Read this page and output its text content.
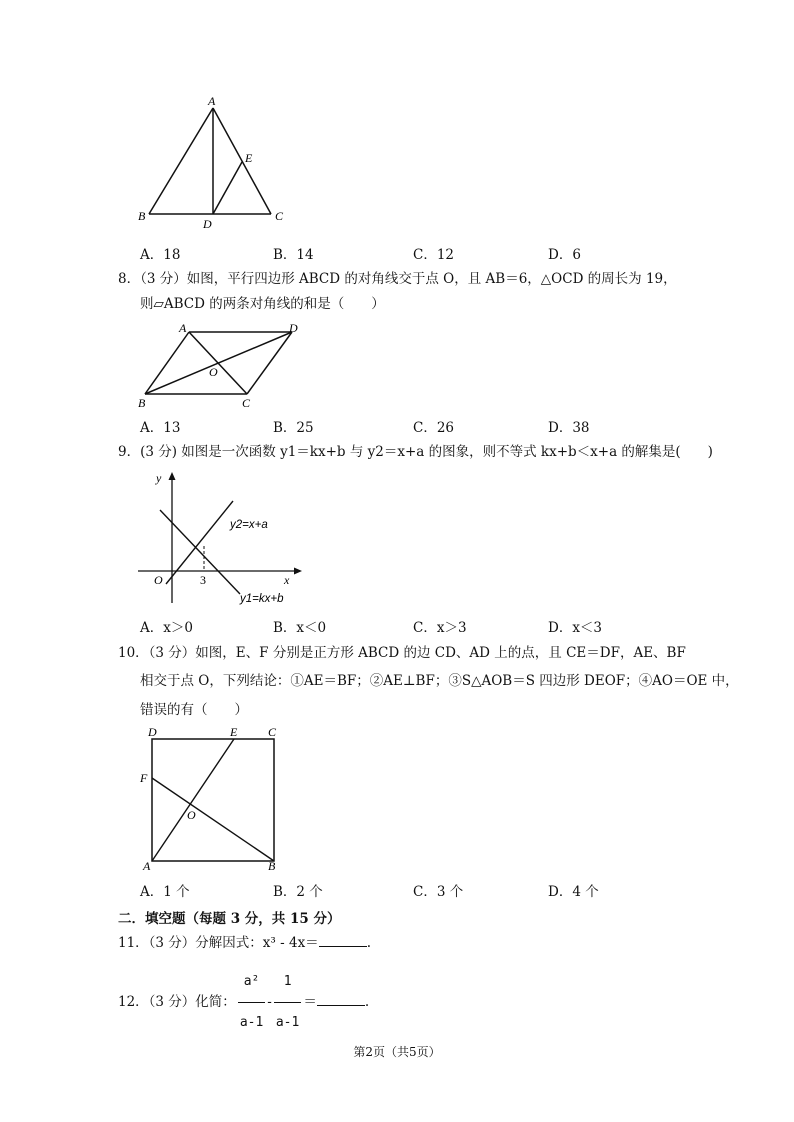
A
B	C
D
E
A．18	B．14	C．12	D．6
8．（3 分）如图，平行四边形 ABCD 的对角线交于点 O，且 AB＝6，△OCD 的周长为 19，
则▱ABCD 的两条对角线的和是（　　）
A	D
B	C
O
A．13	B．25	C．26	D．38
9．(3 分) 如图是一次函数 y1＝kx+b 与 y2＝x+a 的图象，则不等式 kx+b＜x+a 的解集是(　　)
y
x
O	3
y2=x+a
y1=kx+b
A．x＞0	B．x＜0	C．x＞3	D．x＜3
10．（3 分）如图，E、F 分别是正方形 ABCD 的边 CD、AD 上的点，且 CE＝DF，AE、BF
相交于点 O，下列结论：①AE＝BF；②AE⊥BF；③S△AOB＝S 四边形 DEOF；④AO＝OE 中，
错误的有（　　）
D	E	C
F
O
A	B
A．1 个	B．2 个	C．3 个	D．4 个
二．填空题（每题 3 分，共 15 分）
11．（3 分）分解因式：x³ - 4x＝	.
12．（3 分）化简： $\frac{\text{a²}}{a-1} - \frac{1}{a-1}$ ＝	.
第2页（共5页）
